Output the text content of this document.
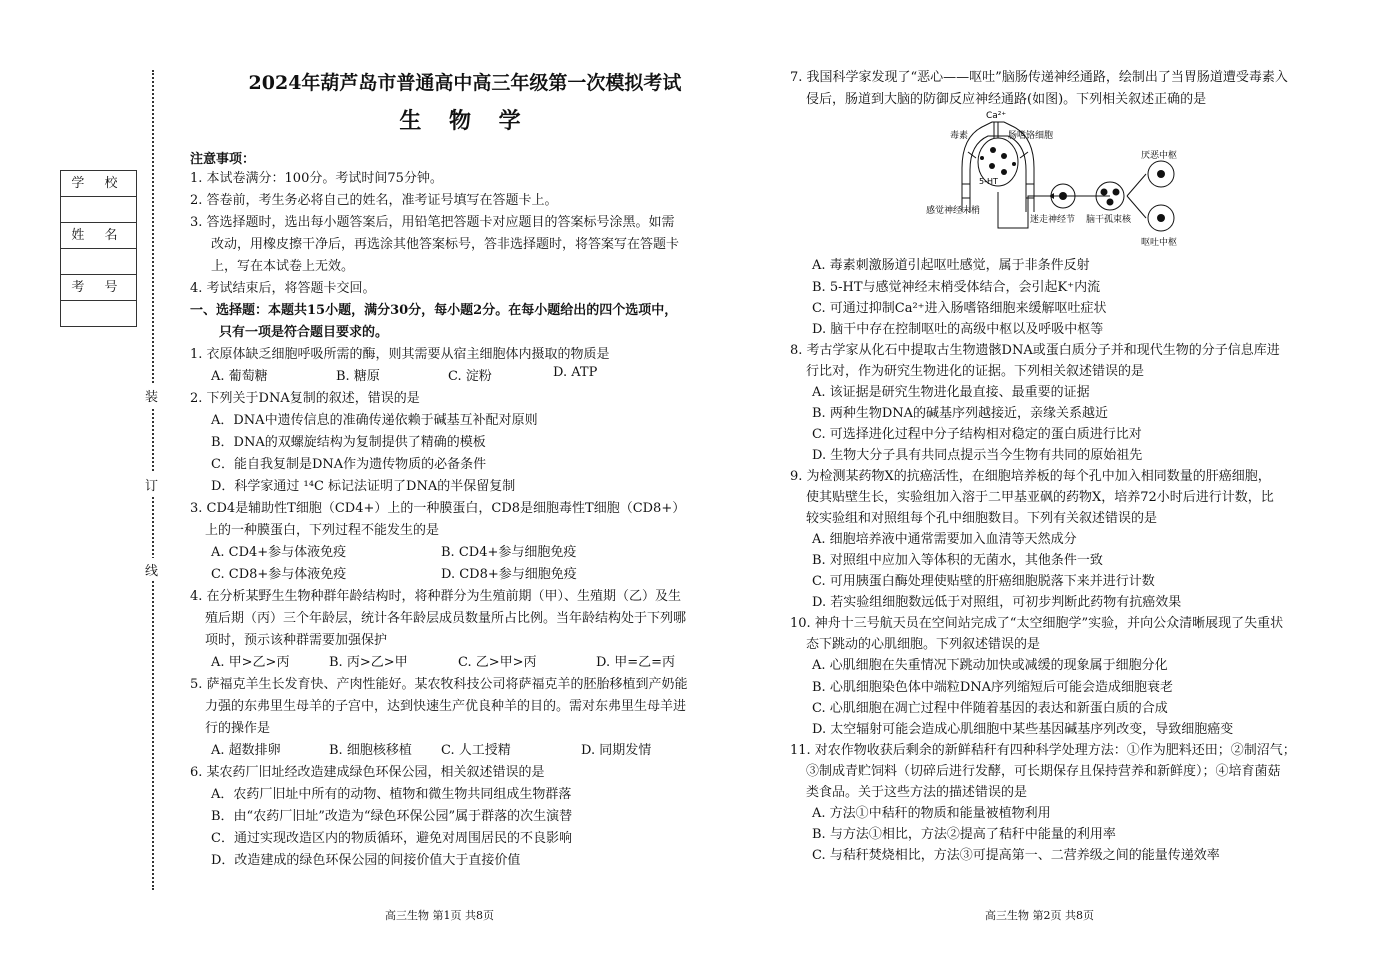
装
订
线
学 校
姓 名
考 号
2024年葫芦岛市普通高中高三年级第一次模拟考试
生 物 学
注意事项：
1. 本试卷满分：100分。考试时间75分钟。
2. 答卷前，考生务必将自己的姓名，准考证号填写在答题卡上。
3. 答选择题时，选出每小题答案后，用铅笔把答题卡对应题目的答案标号涂黑。如需
改动，用橡皮擦干净后，再选涂其他答案标号，答非选择题时，将答案写在答题卡
上，写在本试卷上无效。
4. 考试结束后，将答题卡交回。
一、选择题：本题共15小题，满分30分，每小题2分。在每小题给出的四个选项中，
只有一项是符合题目要求的。
1. 衣原体缺乏细胞呼吸所需的酶，则其需要从宿主细胞体内摄取的物质是
A. 葡萄糖	B. 糖原	C. 淀粉	D. ATP
2. 下列关于DNA复制的叙述，错误的是
A．DNA中遗传信息的准确传递依赖于碱基互补配对原则
B．DNA的双螺旋结构为复制提供了精确的模板
C．能自我复制是DNA作为遗传物质的必备条件
D．科学家通过 ¹⁴C 标记法证明了DNA的半保留复制
3. CD4是辅助性T细胞（CD4+）上的一种膜蛋白，CD8是细胞毒性T细胞（CD8+）
上的一种膜蛋白，下列过程不能发生的是
A. CD4+参与体液免疫	B. CD4+参与细胞免疫
C. CD8+参与体液免疫	D. CD8+参与细胞免疫
4. 在分析某野生生物种群年龄结构时，将种群分为生殖前期（甲）、生殖期（乙）及生
殖后期（丙）三个年龄层，统计各年龄层成员数量所占比例。当年龄结构处于下列哪
项时，预示该种群需要加强保护
A. 甲>乙>丙	B. 丙>乙>甲	C. 乙>甲>丙	D. 甲=乙=丙
5. 萨福克羊生长发育快、产肉性能好。某农牧科技公司将萨福克羊的胚胎移植到产奶能
力强的东弗里生母羊的子宫中，达到快速生产优良种羊的目的。需对东弗里生母羊进
行的操作是
A. 超数排卵	B. 细胞核移植 C. 人工授精	D. 同期发情
6. 某农药厂旧址经改造建成绿色环保公园，相关叙述错误的是
A．农药厂旧址中所有的动物、植物和微生物共同组成生物群落
B．由“农药厂旧址”改造为“绿色环保公园”属于群落的次生演替
C．通过实现改造区内的物质循环，避免对周围居民的不良影响
D．改造建成的绿色环保公园的间接价值大于直接价值
7. 我国科学家发现了“恶心——呕吐”脑肠传递神经通路，绘制出了当胃肠道遭受毒素入
侵后，肠道到大脑的防御反应神经通路(如图)。下列相关叙述正确的是
Ca²⁺
毒素	肠嗜铬细胞
5-HT
感觉神经末梢
迷走神经节 脑干孤束核
厌恶中枢
呕吐中枢
A. 毒素刺激肠道引起呕吐感觉，属于非条件反射
B. 5-HT与感觉神经末梢受体结合，会引起K⁺内流
C. 可通过抑制Ca²⁺进入肠嗜铬细胞来缓解呕吐症状
D. 脑干中存在控制呕吐的高级中枢以及呼吸中枢等
8. 考古学家从化石中提取古生物遗骸DNA或蛋白质分子并和现代生物的分子信息库进
行比对，作为研究生物进化的证据。下列相关叙述错误的是
A. 该证据是研究生物进化最直接、最重要的证据
B. 两种生物DNA的碱基序列越接近，亲缘关系越近
C. 可选择进化过程中分子结构相对稳定的蛋白质进行比对
D. 生物大分子具有共同点提示当今生物有共同的原始祖先
9. 为检测某药物X的抗癌活性，在细胞培养板的每个孔中加入相同数量的肝癌细胞，
使其贴壁生长，实验组加入溶于二甲基亚砜的药物X，培养72小时后进行计数，比
较实验组和对照组每个孔中细胞数目。下列有关叙述错误的是
A. 细胞培养液中通常需要加入血清等天然成分
B. 对照组中应加入等体积的无菌水，其他条件一致
C. 可用胰蛋白酶处理使贴壁的肝癌细胞脱落下来并进行计数
D. 若实验组细胞数远低于对照组，可初步判断此药物有抗癌效果
10. 神舟十三号航天员在空间站完成了“太空细胞学”实验，并向公众清晰展现了失重状
态下跳动的心肌细胞。下列叙述错误的是
A. 心肌细胞在失重情况下跳动加快或减缓的现象属于细胞分化
B. 心肌细胞染色体中端粒DNA序列缩短后可能会造成细胞衰老
C. 心肌细胞在凋亡过程中伴随着基因的表达和新蛋白质的合成
D. 太空辐射可能会造成心肌细胞中某些基因碱基序列改变，导致细胞癌变
11. 对农作物收获后剩余的新鲜秸秆有四种科学处理方法：①作为肥料还田；②制沼气；
③制成青贮饲料（切碎后进行发酵，可长期保存且保持营养和新鲜度）；④培育菌菇
类食品。关于这些方法的描述错误的是
A. 方法①中秸秆的物质和能量被植物利用
B. 与方法①相比，方法②提高了秸秆中能量的利用率
C. 与秸秆焚烧相比，方法③可提高第一、二营养级之间的能量传递效率
高三生物 第1页 共8页	高三生物 第2页 共8页
